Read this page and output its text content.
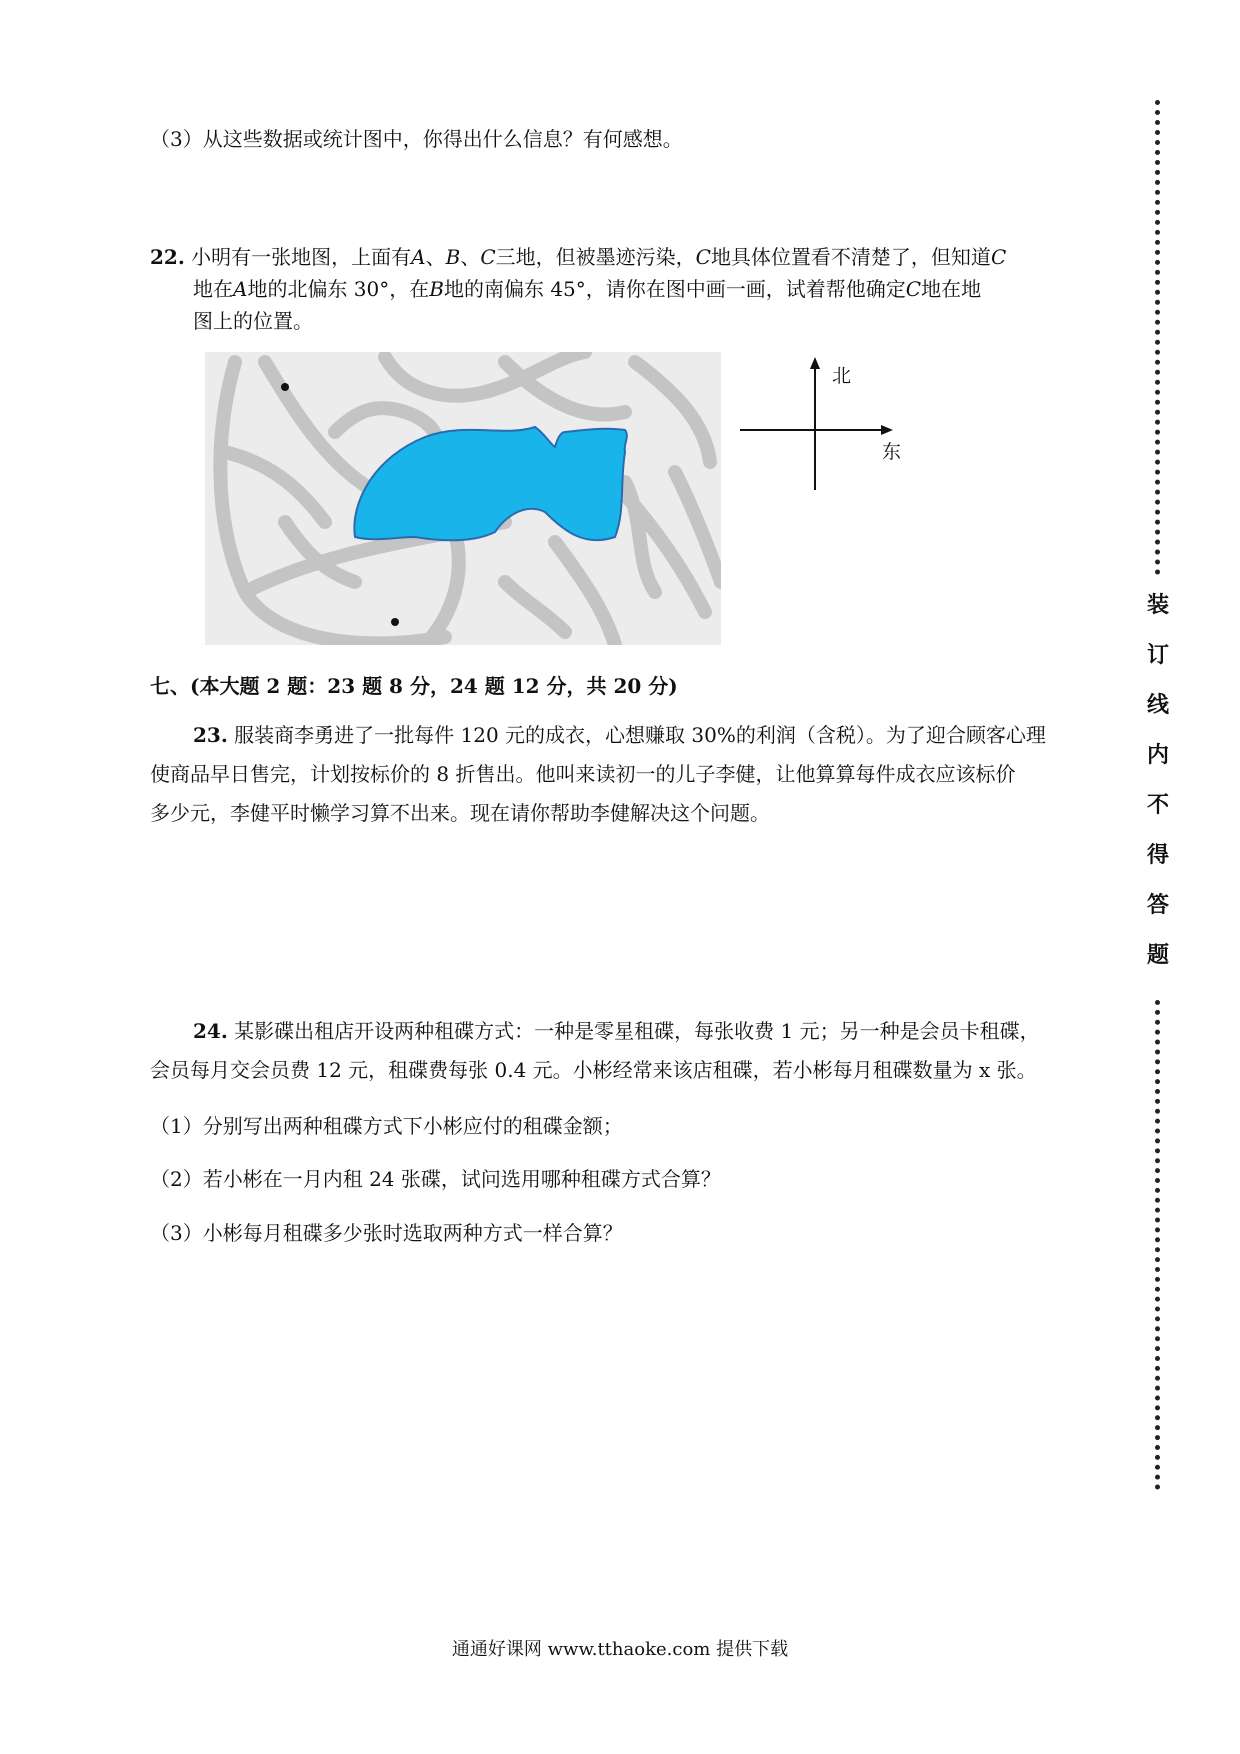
（3）从这些数据或统计图中，你得出什么信息？有何感想。
22. 小明有一张地图，上面有A、B、C三地，但被墨迹污染，C地具体位置看不清楚了，但知道C
地在A地的北偏东 30°，在B地的南偏东 45°，请你在图中画一画，试着帮他确定C地在地
图上的位置。
北
东
七、(本大题 2 题：23 题 8 分，24 题 12 分，共 20 分)
23. 服装商李勇进了一批每件 120 元的成衣，心想赚取 30%的利润（含税）。为了迎合顾客心理
使商品早日售完，计划按标价的 8 折售出。他叫来读初一的儿子李健，让他算算每件成衣应该标价
多少元，李健平时懒学习算不出来。现在请你帮助李健解决这个问题。
24. 某影碟出租店开设两种租碟方式：一种是零星租碟，每张收费 1 元；另一种是会员卡租碟，
会员每月交会员费 12 元，租碟费每张 0.4 元。小彬经常来该店租碟，若小彬每月租碟数量为 x 张。
（1）分别写出两种租碟方式下小彬应付的租碟金额；
（2）若小彬在一月内租 24 张碟，试问选用哪种租碟方式合算？
（3）小彬每月租碟多少张时选取两种方式一样合算？
装
订
线
内
不
得
答
题
通通好课网 www.tthaoke.com 提供下载
